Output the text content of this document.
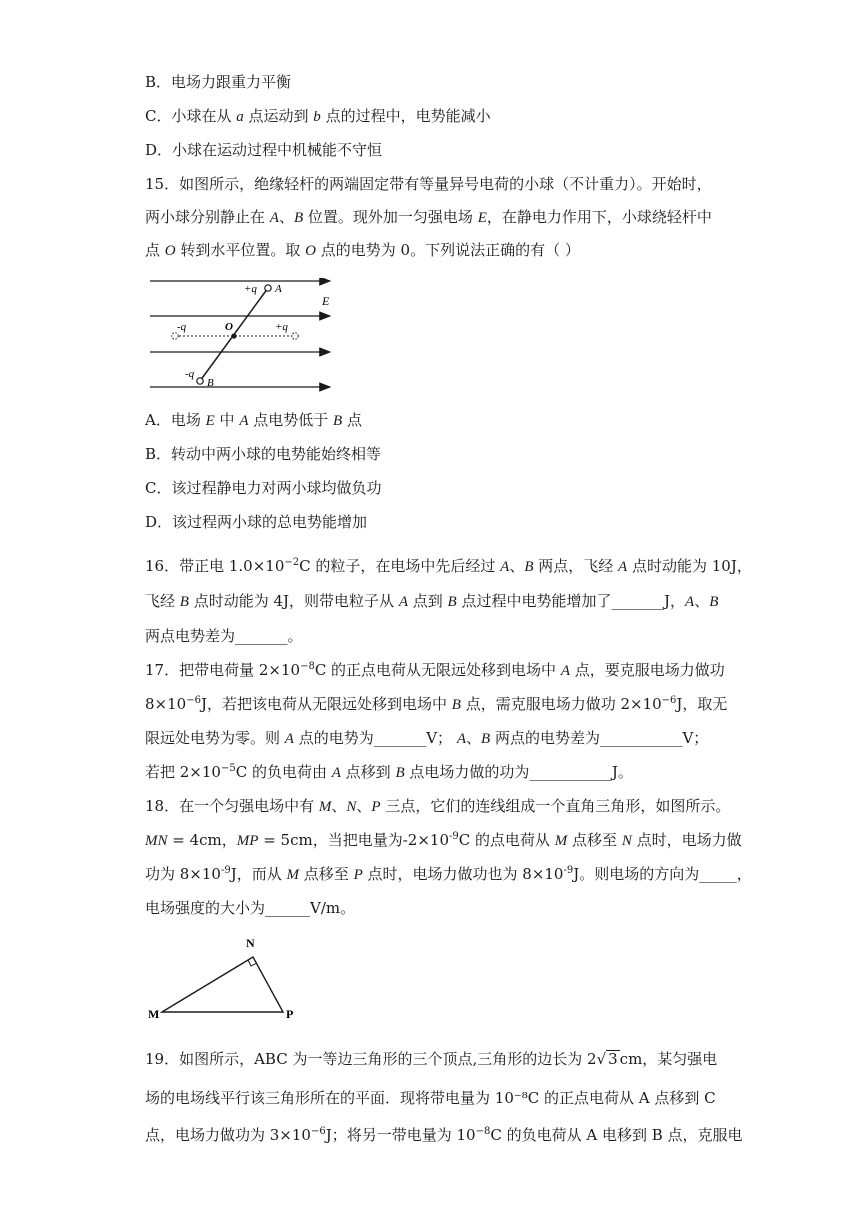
B．电场力跟重力平衡
C．小球在从 a 点运动到 b 点的过程中，电势能减小
D．小球在运动过程中机械能不守恒
15．如图所示，绝缘轻杆的两端固定带有等量异号电荷的小球（不计重力）。开始时，
两小球分别静止在 A、B 位置。现外加一匀强电场 E，在静电力作用下，小球绕轻杆中
点 O 转到水平位置。取 O 点的电势为 0。下列说法正确的有（ ）
+q A
E
-q	O	+q
-q
B
A．电场 E 中 A 点电势低于 B 点
B．转动中两小球的电势能始终相等
C．该过程静电力对两小球均做负功
D．该过程两小球的总电势能增加
16．带正电 $1.0\times 10^{-2}C$ 的粒子，在电场中先后经过 A、B 两点，飞经 A 点时动能为 10J，
飞经 B 点时动能为 4J，则带电粒子从 A 点到 B 点过程中电势能增加了_______J，A、B
两点电势差为_______。
17．把带电荷量 $2\times 10^{-8}C$ 的正点电荷从无限远处移到电场中 A 点，要克服电场力做功
$8\times 10^{-6}J$，若把该电荷从无限远处移到电场中 B 点，需克服电场力做功 $2\times 10^{-6}J$，取无
限远处电势为零。则 A 点的电势为_______V； A、B 两点的电势差为___________V；
若把 $2\times 10^{-5}C$ 的负电荷由 A 点移到 B 点电场力做的功为___________J。
18．在一个匀强电场中有 M、N、P 三点，它们的连线组成一个直角三角形，如图所示。
MN = 4cm，MP = 5cm，当把电量为$-2\times 10^{-9}C$ 的点电荷从 M 点移至 N 点时，电场力做
功为 $8\times 10^{-9}J$，而从 M 点移至 P 点时，电场力做功也为 $8\times 10^{-9}J$。则电场的方向为_____，
电场强度的大小为______V/m。
N
M	P
19．如图所示，ABC 为一等边三角形的三个顶点,三角形的边长为 2√ 3 cm，某匀强电
场的电场线平行该三角形所在的平面．现将带电量为 10⁻⁸C 的正点电荷从 A 点移到 C
点，电场力做功为 $3\times 10^{-6}J$；将另一带电量为 $10^{-8}C$ 的负电荷从 A 电移到 B 点，克服电
